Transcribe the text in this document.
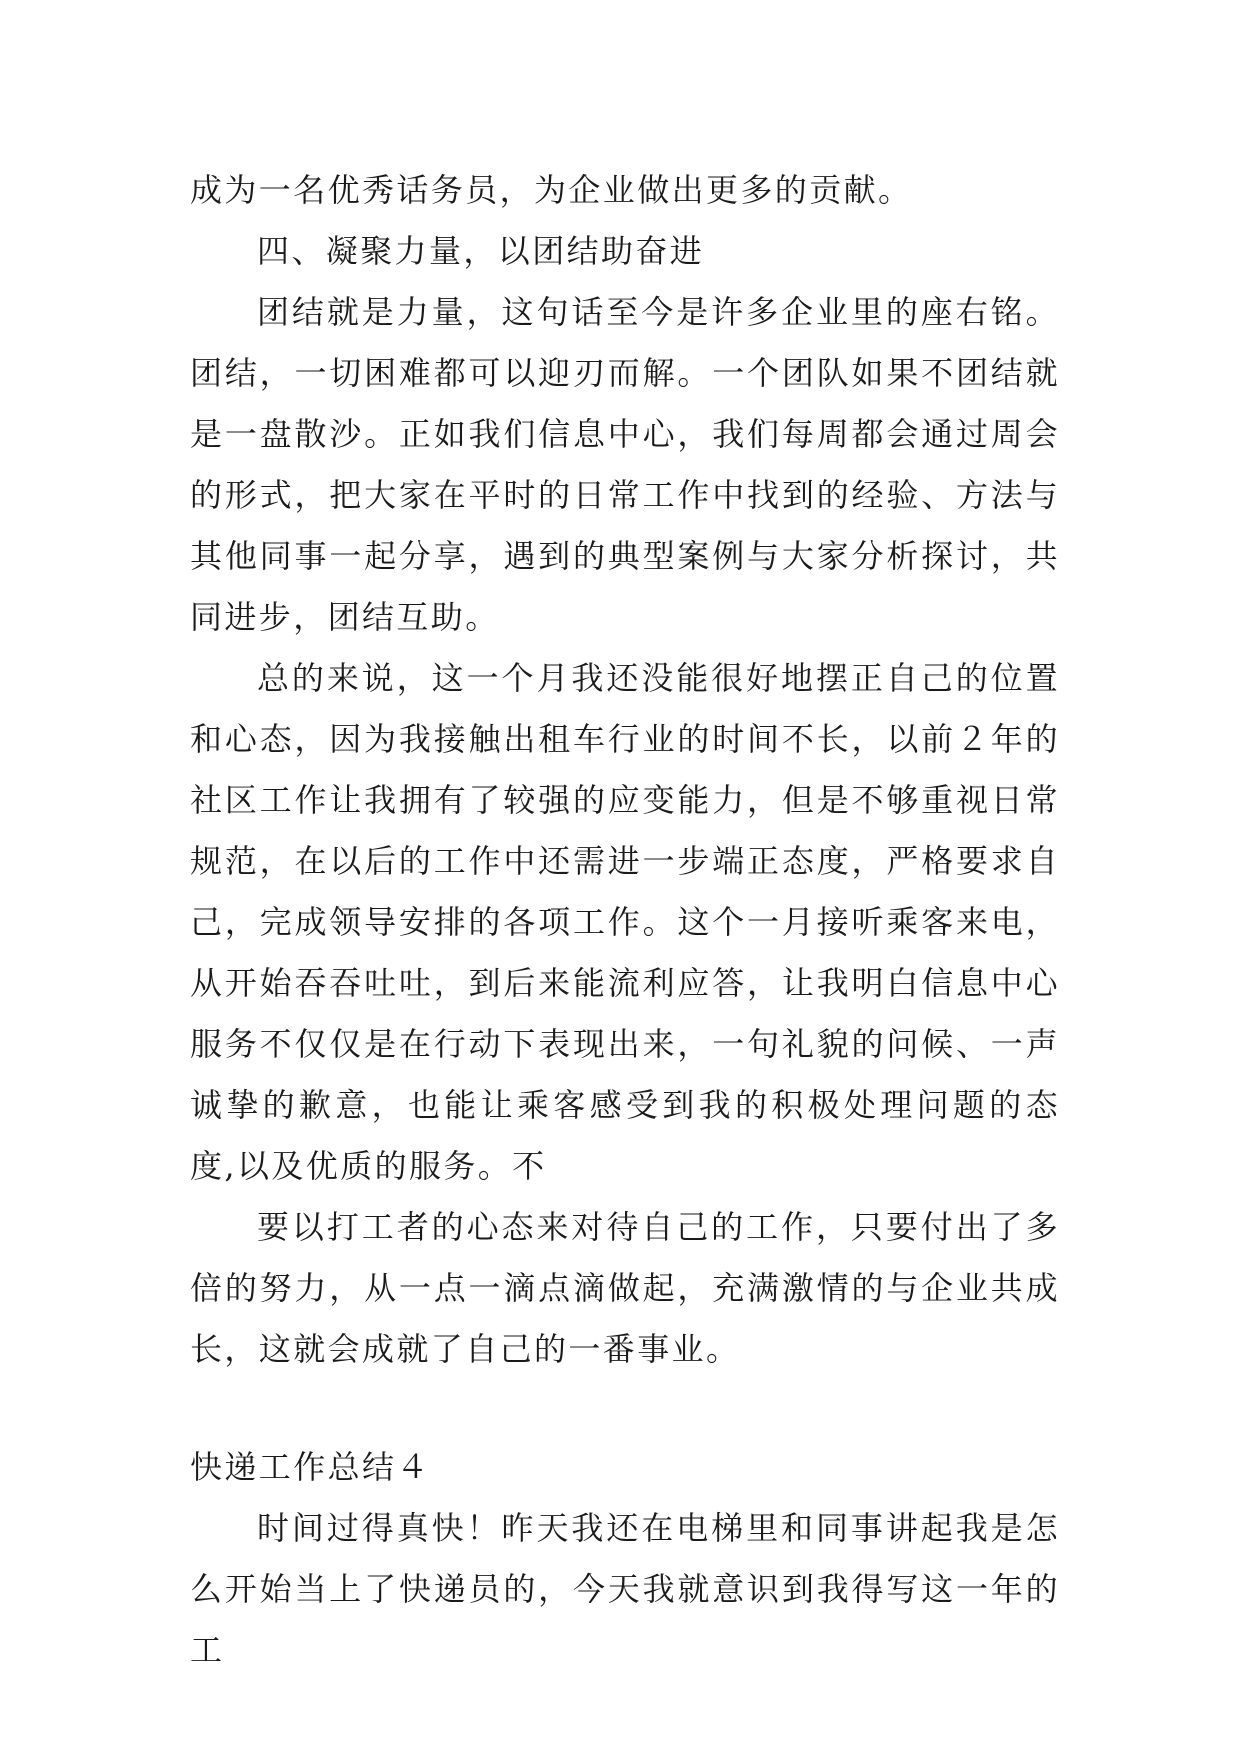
成为一名优秀话务员，为企业做出更多的贡献。

四、凝聚力量，以团结助奋进

团结就是力量，这句话至今是许多企业里的座右铭。团结，一切困难都可以迎刃而解。一个团队如果不团结就是一盘散沙。正如我们信息中心，我们每周都会通过周会的形式，把大家在平时的日常工作中找到的经验、方法与其他同事一起分享，遇到的典型案例与大家分析探讨，共同进步，团结互助。

总的来说，这一个月我还没能很好地摆正自己的位置和心态，因为我接触出租车行业的时间不长，以前２年的社区工作让我拥有了较强的应变能力，但是不够重视日常规范，在以后的工作中还需进一步端正态度，严格要求自己，完成领导安排的各项工作。这个一月接听乘客来电，从开始吞吞吐吐，到后来能流利应答，让我明白信息中心服务不仅仅是在行动下表现出来，一句礼貌的问候、一声诚挚的歉意，也能让乘客感受到我的积极处理问题的态度,以及优质的服务。不

要以打工者的心态来对待自己的工作，只要付出了多倍的努力，从一点一滴点滴做起，充满激情的与企业共成长，这就会成就了自己的一番事业。

快递工作总结４

时间过得真快！昨天我还在电梯里和同事讲起我是怎么开始当上了快递员的，今天我就意识到我得写这一年的工
